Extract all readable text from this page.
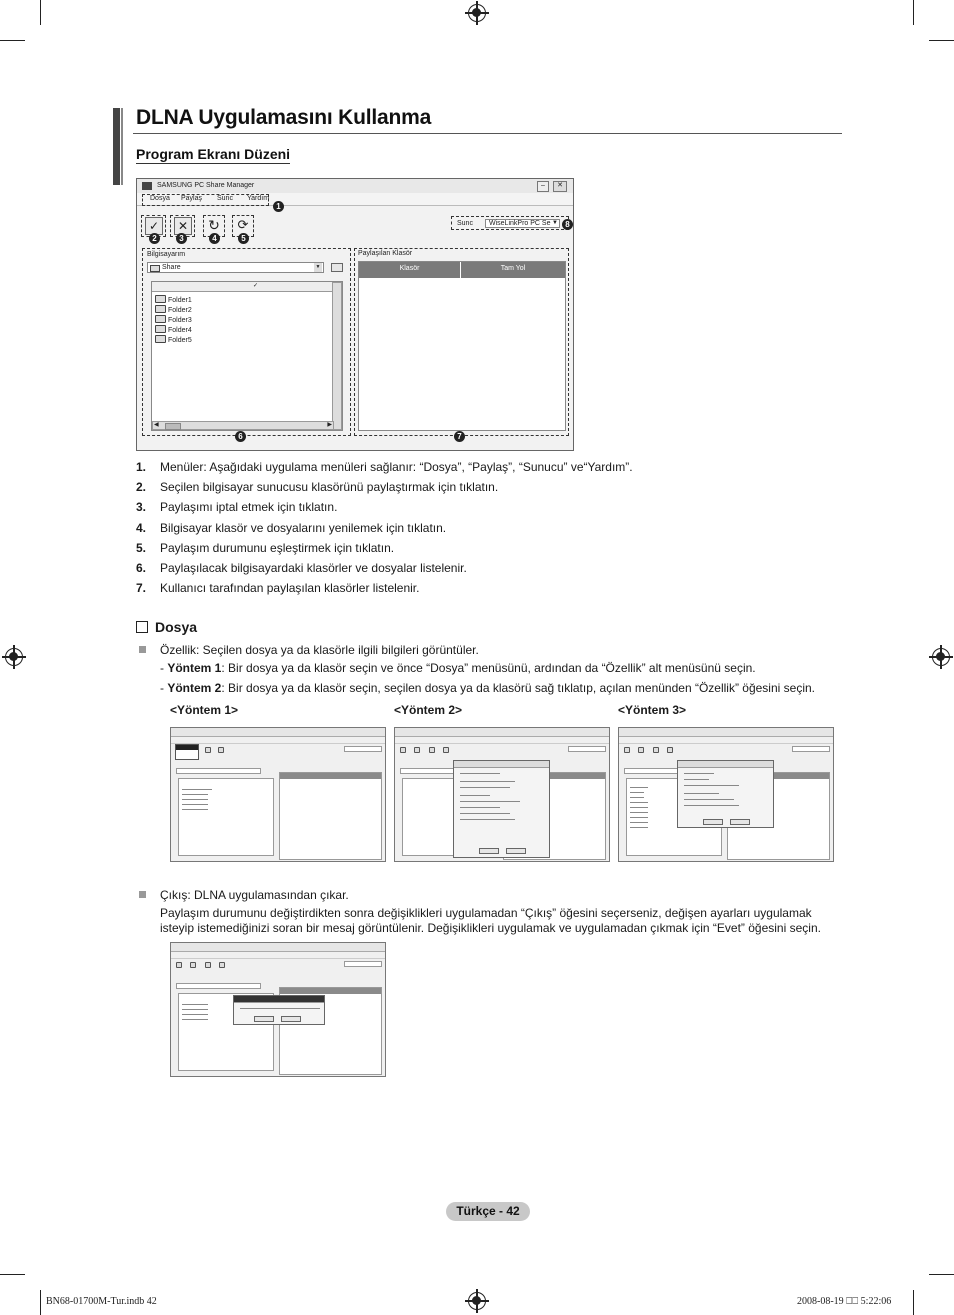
DLNA Uygulamasını Kullanma
Program Ekranı Düzeni
SAMSUNG PC Share Manager	–	✕
Dosya Paylaş Sunc Yardım
1
✓	✕ ↻ ⟳
2	3	4	5
Sunc WiseLinkPro PC Se ▼ 8
Bilgisayarım
Share	▼
✓
◀	▶
Folder1
Folder2
Folder3
Folder4
Folder5
6
Paylaşılan Klasör
Klasör	Tam Yol
7
1. Menüler: Aşağıdaki uygulama menüleri sağlanır: “Dosya”, “Paylaş”, “Sunucu” ve“Yardım”.
2. Seçilen bilgisayar sunucusu klasörünü paylaştırmak için tıklatın.
3. Paylaşımı iptal etmek için tıklatın.
4. Bilgisayar klasör ve dosyalarını yenilemek için tıklatın.
5. Paylaşım durumunu eşleştirmek için tıklatın.
6. Paylaşılacak bilgisayardaki klasörler ve dosyalar listelenir.
7. Kullanıcı tarafından paylaşılan klasörler listelenir.
Dosya
Özellik: Seçilen dosya ya da klasörle ilgili bilgileri görüntüler.
- Yöntem 1: Bir dosya ya da klasör seçin ve önce “Dosya” menüsünü, ardından da “Özellik” alt menüsünü seçin.
- Yöntem 2: Bir dosya ya da klasör seçin, seçilen dosya ya da klasörü sağ tıklatıp, açılan menünden “Özellik” öğesini seçin.
<Yöntem 1>	<Yöntem 2>	<Yöntem 3>
Çıkış: DLNA uygulamasından çıkar.
Paylaşım durumunu değiştirdikten sonra değişiklikleri uygulamadan “Çıkış” öğesini seçerseniz, değişen ayarları uygulamak
isteyip istemediğinizi soran bir mesaj görüntülenir. Değişiklikleri uygulamak ve uygulamadan çıkmak için “Evet” öğesini seçin.
Türkçe - 42
BN68-01700M-Tur.indb 42	2008-08-19 ⎕⎕ 5:22:06
